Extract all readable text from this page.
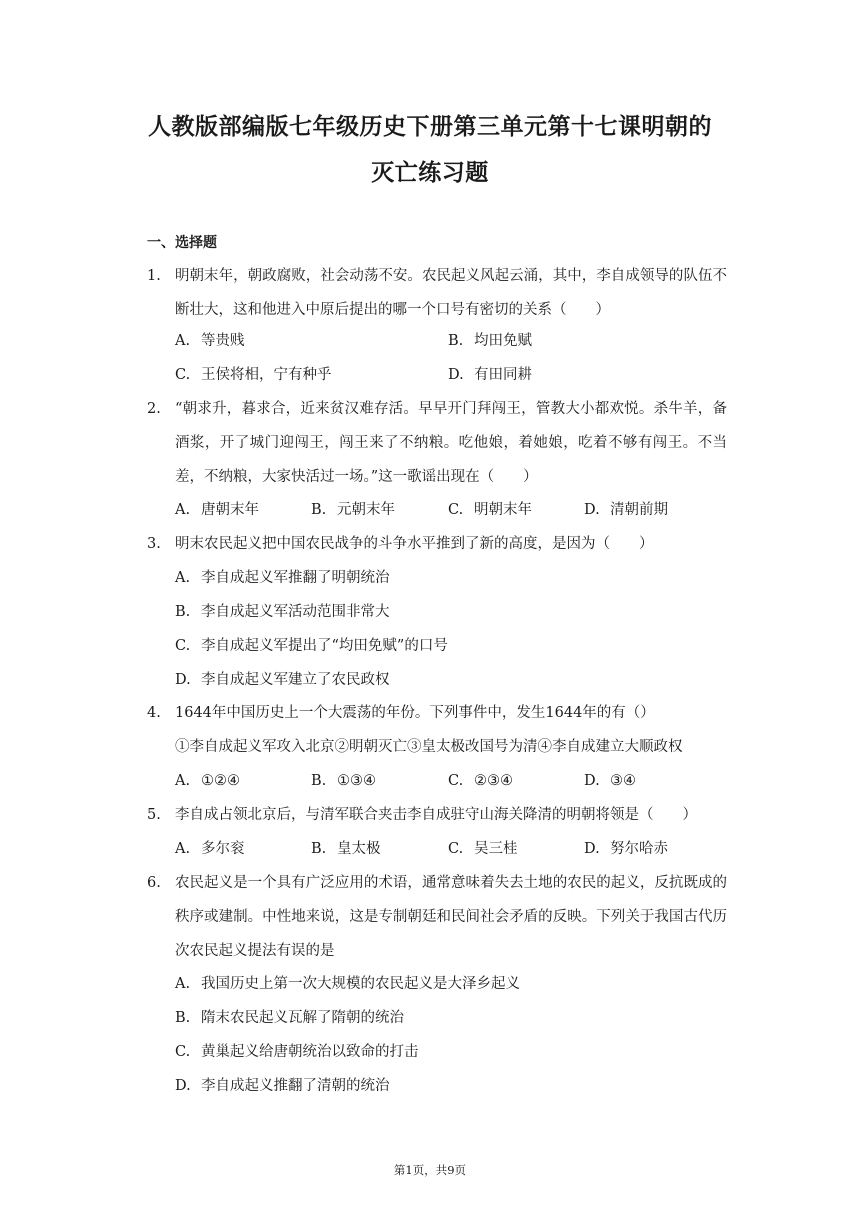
人教版部编版七年级历史下册第三单元第十七课明朝的
灭亡练习题
一、选择题
1. 明朝末年，朝政腐败，社会动荡不安。农民起义风起云涌，其中，李自成领导的队伍不断壮大，这和他进入中原后提出的哪一个口号有密切的关系（　　）
A. 等贵贱	B. 均田免赋
C. 王侯将相，宁有种乎	D. 有田同耕
2. “朝求升，暮求合，近来贫汉难存活。早早开门拜闯王，管教大小都欢悦。杀牛羊，备酒浆，开了城门迎闯王，闯王来了不纳粮。吃他娘，着她娘，吃着不够有闯王。不当差，不纳粮，大家快活过一场。”这一歌谣出现在（　　）
A. 唐朝末年	B. 元朝末年	C. 明朝末年	D. 清朝前期
3. 明末农民起义把中国农民战争的斗争水平推到了新的高度，是因为（　　）
A. 李自成起义军推翻了明朝统治
B. 李自成起义军活动范围非常大
C. 李自成起义军提出了“均田免赋”的口号
D. 李自成起义军建立了农民政权
4. 1644年中国历史上一个大震荡的年份。下列事件中，发生1644年的有（）
①李自成起义军攻入北京②明朝灭亡③皇太极改国号为清④李自成建立大顺政权
A. ①②④	B. ①③④	C. ②③④	D. ③④
5. 李自成占领北京后，与清军联合夹击李自成驻守山海关降清的明朝将领是（　　）
A. 多尔衮	B. 皇太极	C. 吴三桂	D. 努尔哈赤
6. 农民起义是一个具有广泛应用的术语，通常意味着失去土地的农民的起义，反抗既成的秩序或建制。中性地来说，这是专制朝廷和民间社会矛盾的反映。下列关于我国古代历次农民起义提法有误的是
A. 我国历史上第一次大规模的农民起义是大泽乡起义
B. 隋末农民起义瓦解了隋朝的统治
C. 黄巢起义给唐朝统治以致命的打击
D. 李自成起义推翻了清朝的统治
第1页，共9页
